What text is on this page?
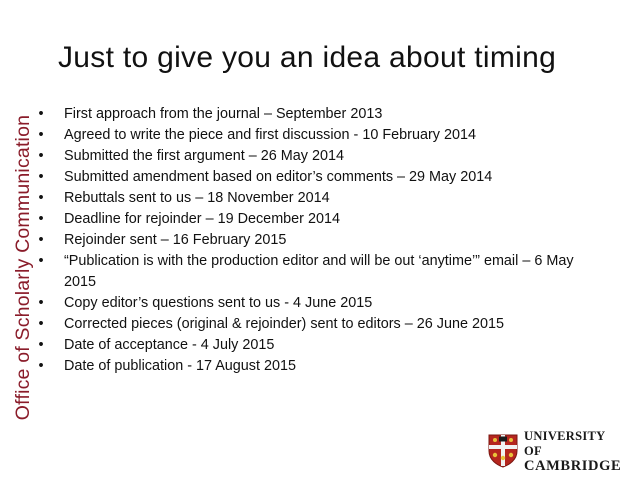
Office of Scholarly Communication
Just to give you an idea about timing
• First approach from the journal – September 2013
• Agreed to write the piece and first discussion - 10 February 2014
• Submitted the first argument – 26 May 2014
• Submitted amendment based on editor’s comments – 29 May 2014
• Rebuttals sent to us – 18 November 2014
• Deadline for rejoinder – 19 December 2014
• Rejoinder sent – 16 February 2015
• “Publication is with the production editor and will be out ‘anytime’” email – 6 May 2015
• Copy editor’s questions sent to us - 4 June 2015
• Corrected pieces (original & rejoinder) sent to editors – 26 June 2015
• Date of acceptance - 4 July 2015
• Date of publication - 17 August 2015
UNIVERSITY OF
CAMBRIDGE
